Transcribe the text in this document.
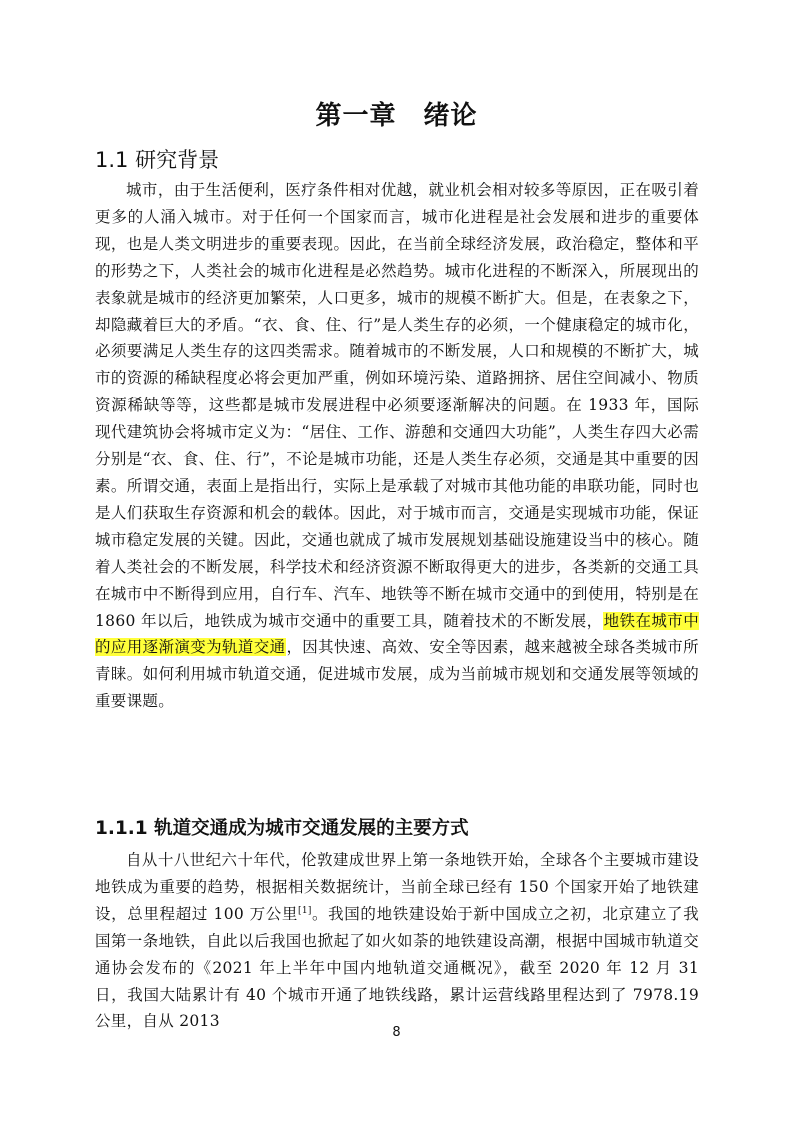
第一章　绪论
1.1 研究背景
城市，由于生活便利，医疗条件相对优越，就业机会相对较多等原因，正在吸引着更多的人涌入城市。对于任何一个国家而言，城市化进程是社会发展和进步的重要体现，也是人类文明进步的重要表现。因此，在当前全球经济发展，政治稳定，整体和平的形势之下，人类社会的城市化进程是必然趋势。城市化进程的不断深入，所展现出的表象就是城市的经济更加繁荣，人口更多，城市的规模不断扩大。但是，在表象之下，却隐藏着巨大的矛盾。“衣、食、住、行”是人类生存的必须，一个健康稳定的城市化，必须要满足人类生存的这四类需求。随着城市的不断发展，人口和规模的不断扩大，城市的资源的稀缺程度必将会更加严重，例如环境污染、道路拥挤、居住空间减小、物质资源稀缺等等，这些都是城市发展进程中必须要逐渐解决的问题。在 1933 年，国际现代建筑协会将城市定义为：“居住、工作、游憩和交通四大功能”，人类生存四大必需分别是“衣、食、住、行”，不论是城市功能，还是人类生存必须，交通是其中重要的因素。所谓交通，表面上是指出行，实际上是承载了对城市其他功能的串联功能，同时也是人们获取生存资源和机会的载体。因此，对于城市而言，交通是实现城市功能，保证城市稳定发展的关键。因此，交通也就成了城市发展规划基础设施建设当中的核心。随着人类社会的不断发展，科学技术和经济资源不断取得更大的进步，各类新的交通工具在城市中不断得到应用，自行车、汽车、地铁等不断在城市交通中的到使用，特别是在 1860 年以后，地铁成为城市交通中的重要工具，随着技术的不断发展，地铁在城市中的应用逐渐演变为轨道交通，因其快速、高效、安全等因素，越来越被全球各类城市所青睐。如何利用城市轨道交通，促进城市发展，成为当前城市规划和交通发展等领域的重要课题。
1.1.1 轨道交通成为城市交通发展的主要方式
自从十八世纪六十年代，伦敦建成世界上第一条地铁开始，全球各个主要城市建设地铁成为重要的趋势，根据相关数据统计，当前全球已经有 150 个国家开始了地铁建设，总里程超过 100 万公里[1]。我国的地铁建设始于新中国成立之初，北京建立了我国第一条地铁，自此以后我国也掀起了如火如荼的地铁建设高潮，根据中国城市轨道交通协会发布的《2021 年上半年中国内地轨道交通概况》，截至 2020 年 12 月 31 日，我国大陆累计有 40 个城市开通了地铁线路，累计运营线路里程达到了 7978.19 公里，自从 2013
8
